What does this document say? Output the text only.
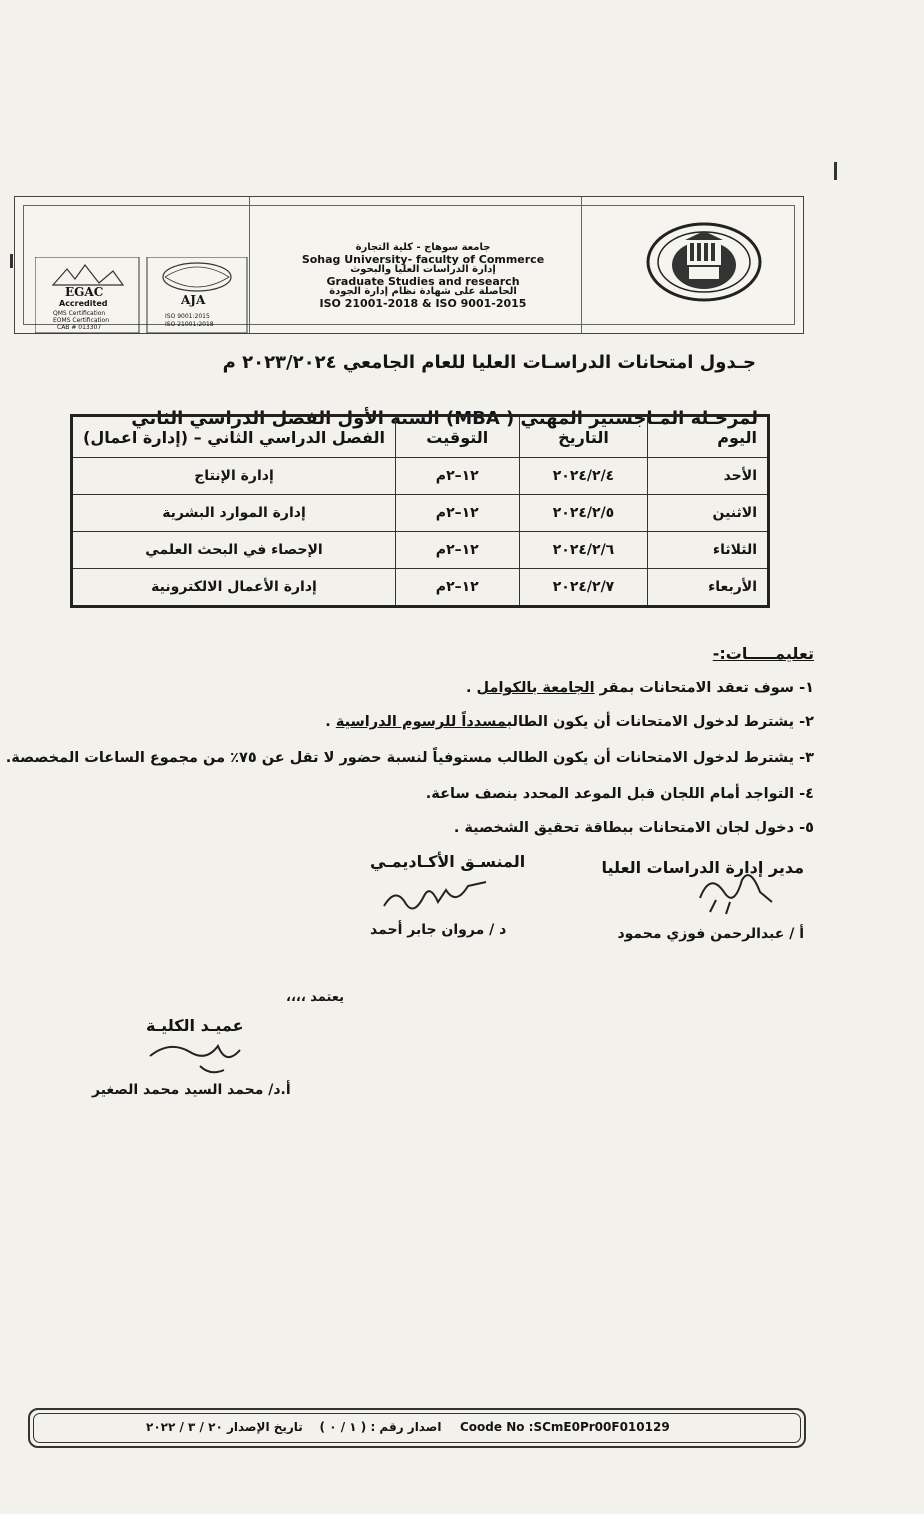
جامعة سوهاج - كلية التجارة
Sohag University- faculty of Commerce
إدارة الدراسات العليا والبحوث
Graduate Studies and research
الحاصلة على شهادة نظام إدارة الجودة
ISO 21001-2018 & ISO 9001-2015
EGAC
Accredited
QMS Certification
EOMS Certification
CAB # 013307
AJA
ISO 9001:2015
ISO 21001:2018
جـدول امتحانات الدراسـات العليا للعام الجامعي ٢٠٢٣/٢٠٢٤ م
لمرحـلة المـاجستير المهني ( MBA) السنة الأول الفصل الدراسي الثاني
اليوم	التاريخ	التوقيت	الفصل الدراسي الثاني – (إدارة اعمال)
الأحد	٢٠٢٤/٢/٤	١٢–٢م	إدارة الإنتاج
الاثنين	٢٠٢٤/٢/٥	١٢–٢م	إدارة الموارد البشرية
الثلاثاء	٢٠٢٤/٢/٦	١٢–٢م	الإحصاء في البحث العلمي
الأربعاء	٢٠٢٤/٢/٧	١٢–٢م	إدارة الأعمال الالكترونية
تعليمـــــات:-
١- سوف تعقد الامتحانات بمقر الجامعة بالكوامل .
٢- يشترط لدخول الامتحانات أن يكون الطالبمسدداً للرسوم الدراسية .
٣- يشترط لدخول الامتحانات أن يكون الطالب مستوفياً لنسبة حضور لا تقل عن ٧٥٪ من مجموع الساعات المخصصة.
٤- التواجد أمام اللجان قبل الموعد المحدد بنصف ساعة.
٥- دخول لجان الامتحانات ببطاقة تحقيق الشخصية .
المنسـق الأكـاديمـي	مدير إدارة الدراسات العليا
د / مروان جابر أحمد	أ / عبدالرحمن فوزي محمود
يعتمد ،،،،
عميـد الكليـة
أ.د/ محمد السيد محمد الصغير
اصدار رقم : ( ١ / ٠ )    تاريخ الإصدار ٢٠ / ٣ / ٢٠٢٢	Coode No :SCmE0Pr00F010129
